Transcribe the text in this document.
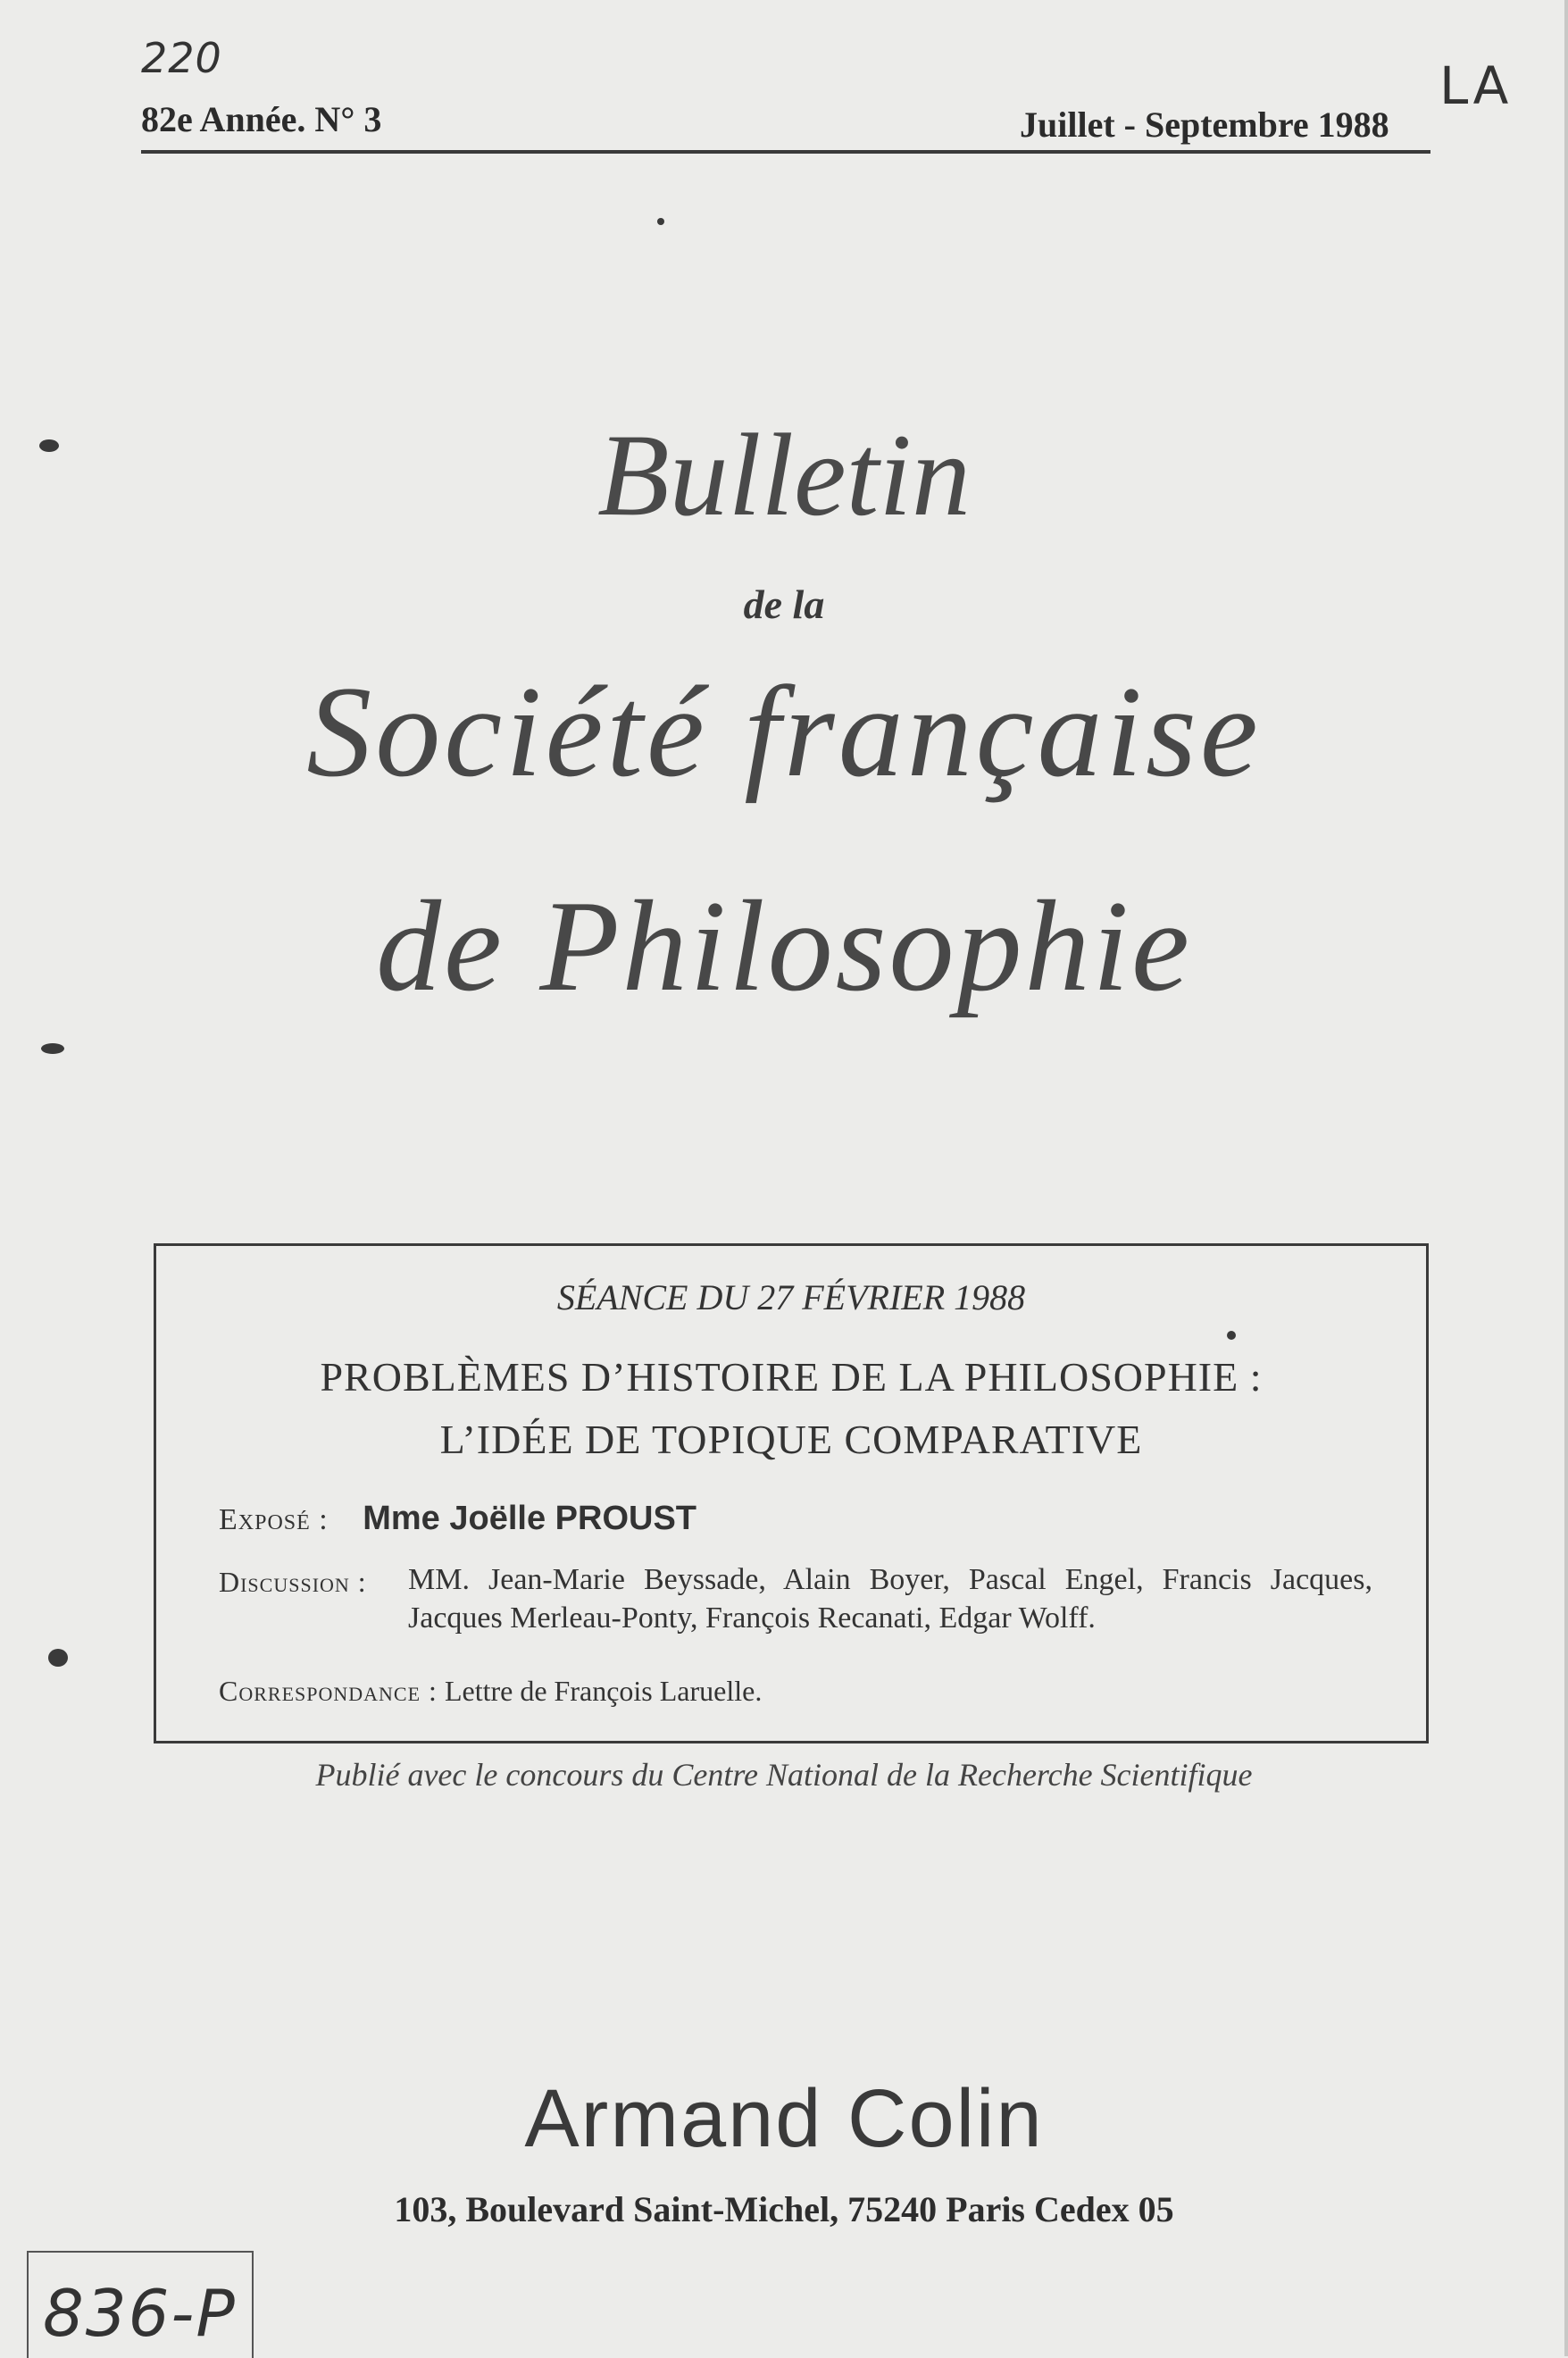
220	LA
82e Année. N° 3	Juillet - Septembre 1988
Bulletin
de la
Société française
de Philosophie
SÉANCE DU 27 FÉVRIER 1988
PROBLÈMES D’HISTOIRE DE LA PHILOSOPHIE :
L’IDÉE DE TOPIQUE COMPARATIVE
Exposé : Mme Joëlle PROUST
Discussion : MM. Jean-Marie Beyssade, Alain Boyer, Pascal Engel, Francis Jacques, Jacques Merleau-Ponty, François Recanati, Edgar Wolff.
Correspondance : Lettre de François Laruelle.
Publié avec le concours du Centre National de la Recherche Scientifique
Armand Colin
103, Boulevard Saint-Michel, 75240 Paris Cedex 05
836-P
